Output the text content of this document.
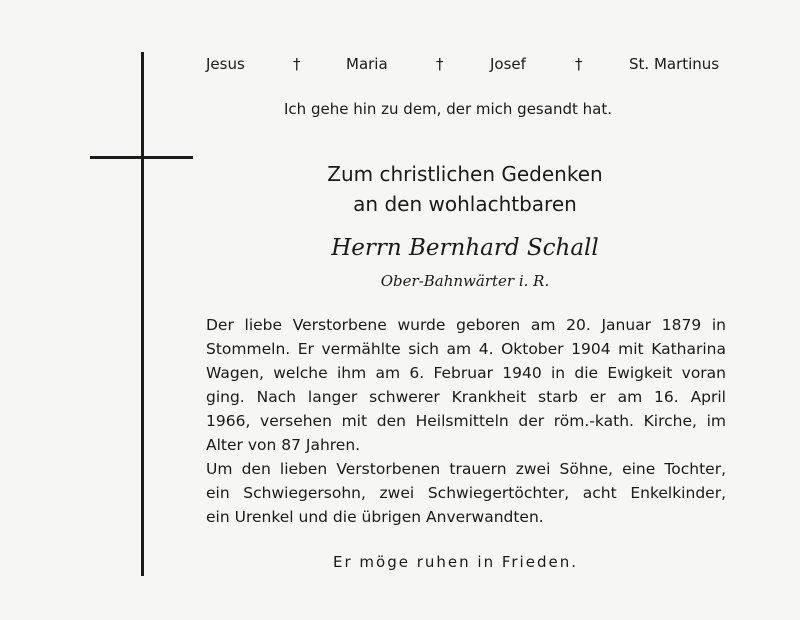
Jesus	†	Maria	†	Josef	†	St. Martinus
Ich gehe hin zu dem, der mich gesandt hat.
Zum christlichen Gedenken
an den wohlachtbaren
Herrn Bernhard Schall
Ober-Bahnwärter i. R.
Der liebe Verstorbene wurde geboren am 20. Januar 1879 in
Stommeln. Er vermählte sich am 4. Oktober 1904 mit Katharina
Wagen, welche ihm am 6. Februar 1940 in die Ewigkeit voran
ging. Nach langer schwerer Krankheit starb er am 16. April
1966, versehen mit den Heilsmitteln der röm.-kath. Kirche, im
Alter von 87 Jahren.
Um den lieben Verstorbenen trauern zwei Söhne, eine Tochter,
ein Schwiegersohn, zwei Schwiegertöchter, acht Enkelkinder,
ein Urenkel und die übrigen Anverwandten.
Er möge ruhen in Frieden.
